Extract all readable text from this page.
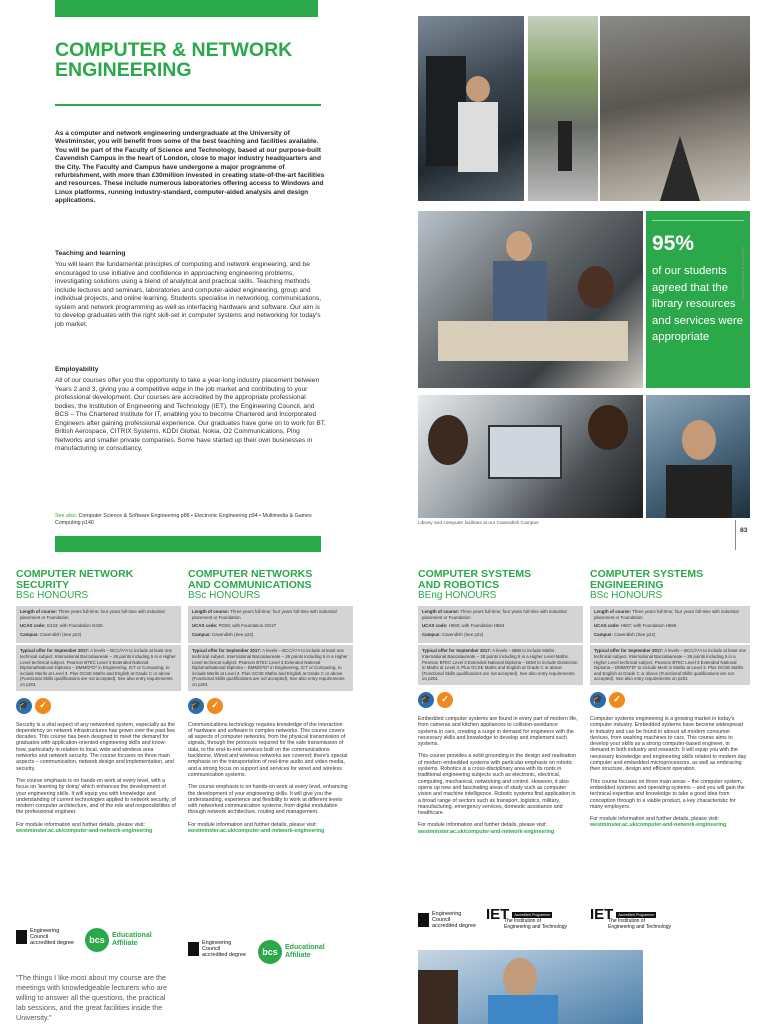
COMPUTER & NETWORK ENGINEERING
As a computer and network engineering undergraduate at the University of Westminster, you will benefit from some of the best teaching and facilities available. You will be part of the Faculty of Science and Technology, based at our purpose-built Cavendish Campus in the heart of London, close to major industry headquarters and the City. The Faculty and Campus have undergone a major programme of refurbishment, with more than £30million invested in creating state-of-the-art facilities and resources. These include numerous laboratories offering access to Windows and Linux platforms, running industry-standard, computer-aided analysis and design applications.
Teaching and learning
You will learn the fundamental principles of computing and network engineering, and be encouraged to use initiative and confidence in approaching engineering problems, investigating solutions using a blend of analytical and practical skills. Teaching methods include lectures and seminars, laboratories and computer-aided engineering, group and individual projects, and online learning. Students specialise in networking, communications, system and network programming as well as interfacing hardware and software. Our aim is to develop graduates with the right skill-set in computer systems and networking for today's job market.
Employability
All of our courses offer you the opportunity to take a year-long industry placement between Years 2 and 3, giving you a competitive edge in the job market and contributing to your professional development. Our courses are accredited by the appropriate professional bodies, the Institution of Engineering and Technology (IET), the Engineering Council, and BCS – The Chartered Institute for IT, enabling you to become Chartered and Incorporated Engineers after gaining professional experience. Our graduates have gone on to work for BT, British Aerospace, CITRIX Systems, KDDI Global, Nokia, O2 Communications, Ping Networks and smaller private companies. Some have started up their own businesses in manufacturing or consultancy.
See also: Computer Science & Software Engineering p86 • Electronic Engineering p94 • Multimedia & Games Computing p140
95%
of our students agreed that the library resources and services were appropriate
National Student Survey 2016
Library and computer facilities at our Cavendish Campus
83
COMPUTER NETWORK SECURITY
BSc HONOURS

Length of course: Three years full-time; four years full-time with industrial placement or Foundation

UCAS code: G423; with Foundation G425

Campus: Cavendish (See p22)

Typical offer for September 2017: A levels – BCC/A*A to include at least one technical subject. International Baccalaureate – 26 points including 5 in a Higher Level technical subject. Pearson BTEC Level 3 Extended National Diploma/National Diploma – DMM/D*D* in Engineering, ICT or Computing, to include Merits at Level 3. Plus GCSE Maths and English at Grade C or above (Functional Skills qualifications are not accepted). See also entry requirements on p201
🎓	✓

Security is a vital aspect of any networked system, especially as the dependency on network infrastructures has grown over the past few decades. This course has been designed to meet the demand for graduates with application-oriented engineering skills and know-how, particularly in relation to local, wide and wireless area networks and network security. The course focuses on three main aspects – communication, network design and implementation, and security.

The course emphasis is on hands-on work at every level, with a focus on 'learning by doing' which enhances the development of your engineering skills. It will equip you with knowledge and understanding of current technologies applied to network security, of modern computer architecture, and of the role and responsibilities of the professional engineer.

For module information and further details, please visit:
westminster.ac.uk/computer-and-network-engineering
COMPUTER NETWORKS AND COMMUNICATIONS
BSc HONOURS

Length of course: Three years full-time; four years full-time with industrial placement or Foundation

UCAS code: PG94; with Foundation GG27

Campus: Cavendish (See p22)

Typical offer for September 2017: A levels – BCC/A*A to include at least one technical subject. International Baccalaureate – 26 points including 5 in a Higher Level technical subject. Pearson BTEC Level 3 Extended National Diploma/National Diploma – DMM/D*D* in Engineering, ICT or Computing, to include Merits at Level 3. Plus GCSE Maths and English at Grade C or above (Functional Skills qualifications are not accepted). See also entry requirements on p201
🎓	✓

Communications technology requires knowledge of the interaction of hardware and software in complex networks. This course covers all aspects of computer networks, from the physical transmission of signals, through the protocols required for the safe transmission of data, to the end-to-end services built on the communications backbone. Wired and wireless networks are covered; there's special emphasis on the transportation of real-time audio and video media, and a strong focus on support and services for wired and wireless communication systems.

The course emphasis is on hands-on work at every level, enhancing the development of your engineering skills. It will give you the understanding, experience and flexibility to work at different levels with networked communication systems, from digital modulation through network architecture, routing and management.

For module information and further details, please visit:
westminster.ac.uk/computer-and-network-engineering
COMPUTER SYSTEMS AND ROBOTICS
BEng HONOURS

Length of course: Three years full-time; four years full-time with industrial placement or Foundation

UCAS code: H650; with Foundation H653

Campus: Cavendish (See p22)

Typical offer for September 2017: A levels – BBB to include Maths. International Baccalaureate – 28 points including 5 in a Higher Level Maths. Pearson BTEC Level 3 Extended National Diploma – DDM to include Distinction in Maths at Level 3. Plus GCSE Maths and English at Grade C or above (Functional Skills qualifications are not accepted). See also entry requirements on p201
🎓	✓

Embedded computer systems are found in every part of modern life, from cameras and kitchen appliances to collision-avoidance systems in cars, creating a surge in demand for engineers with the necessary skills and knowledge to develop and implement such systems.

This course provides a solid grounding in the design and realisation of modern embedded systems with particular emphasis on robotic systems. Robotics is a cross-disciplinary area with its roots in traditional engineering subjects such as electronic, electrical, computing, mechanical, networking and control. However, it also opens up new and fascinating areas of study such as computer vision and machine intelligence. Robotic systems find application in a broad range of sectors such as transport, logistics, military, manufacturing, emergency services, domestic assistance and healthcare.

For module information and further details, please visit:
westminster.ac.uk/computer-and-network-engineering
COMPUTER SYSTEMS ENGINEERING
BSc HONOURS

Length of course: Three years full-time; four years full-time with industrial placement or Foundation

UCAS code: H657; with Foundation H656

Campus: Cavendish (See p22)

Typical offer for September 2017: A levels – BCC/A*A to include at least one technical subject. International Baccalaureate – 26 points including 5 in a Higher Level technical subject. Pearson BTEC Level 3 Extended National Diploma – DMM/D*D* to include Merit in Maths at Level 3. Plus GCSE Maths and English at Grade C or above (Functional Skills qualifications are not accepted). See also entry requirements on p201
🎓	✓

Computer systems engineering is a growing market in today's computer industry. Embedded systems have become widespread in industry and can be found in almost all modern consumer devices, from washing machines to cars. This course aims to develop your skills as a strong computer-based engineer, in demand in both industry and research. It will equip you with the necessary knowledge and engineering skills related to modern day computer and embedded microprocessors, as well as embracing their structure, design and efficient operation.

This course focuses on three main areas – the computer system, embedded systems and operating systems – and you will gain the technical expertise and knowledge to take a good idea from conception through to a viable product, a key characteristic for many employers.

For module information and further details, please visit:
westminster.ac.uk/computer-and-network-engineering
Engineering
Council
accredited degree	bcs	Educational
Affiliate	Engineering
Council
accredited degree	bcs	Educational
Affiliate
Engineering
Council
accredited degree
IET	Accredited Programme
The Institution of
Engineering and Technology
IET	Accredited Programme
The Institution of
Engineering and Technology
"The things I like most about my course are the meetings with knowledgeable lecturers who are willing to answer all the questions, the practical lab sessions, and the great facilities inside the University."
